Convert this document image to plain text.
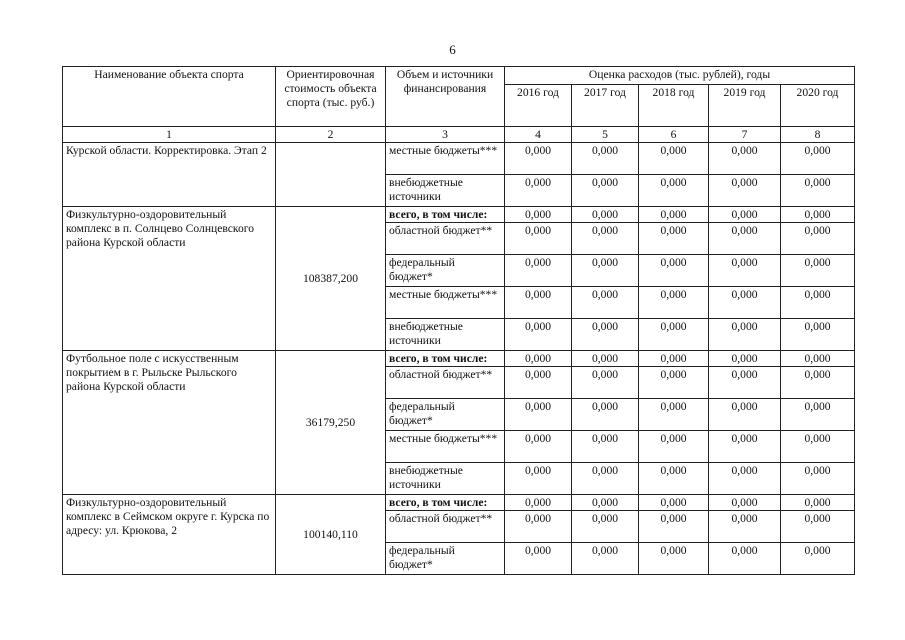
6
Наименование объекта спорта	Ориентировочная стоимость объекта спорта (тыс. руб.)	Объем и источники финансирования	Оценка расходов (тыс. рублей), годы				
			2016 год	2017 год	2018 год	2019 год	2020 год
1	2	3	4	5	6	7	8
Курской области. Корректировка. Этап 2		местные бюджеты***	0,000	0,000	0,000	0,000	0,000
		внебюджетные источники	0,000	0,000	0,000	0,000	0,000
Физкультурно-оздоровительный комплекс в п. Солнцево Солнцевского района Курской области	108387,200	всего, в том числе:	0,000	0,000	0,000	0,000	0,000
		областной бюджет**	0,000	0,000	0,000	0,000	0,000
		федеральный бюджет*	0,000	0,000	0,000	0,000	0,000
		местные бюджеты***	0,000	0,000	0,000	0,000	0,000
		внебюджетные источники	0,000	0,000	0,000	0,000	0,000
Футбольное поле с искусственным покрытием в г. Рыльске Рыльского района Курской области	36179,250	всего, в том числе:	0,000	0,000	0,000	0,000	0,000
		областной бюджет**	0,000	0,000	0,000	0,000	0,000
		федеральный бюджет*	0,000	0,000	0,000	0,000	0,000
		местные бюджеты***	0,000	0,000	0,000	0,000	0,000
		внебюджетные источники	0,000	0,000	0,000	0,000	0,000
Физкультурно-оздоровительный комплекс в Сеймском округе г. Курска по адресу: ул. Крюкова, 2	100140,110	всего, в том числе:	0,000	0,000	0,000	0,000	0,000
		областной бюджет**	0,000	0,000	0,000	0,000	0,000
		федеральный бюджет*	0,000	0,000	0,000	0,000	0,000
